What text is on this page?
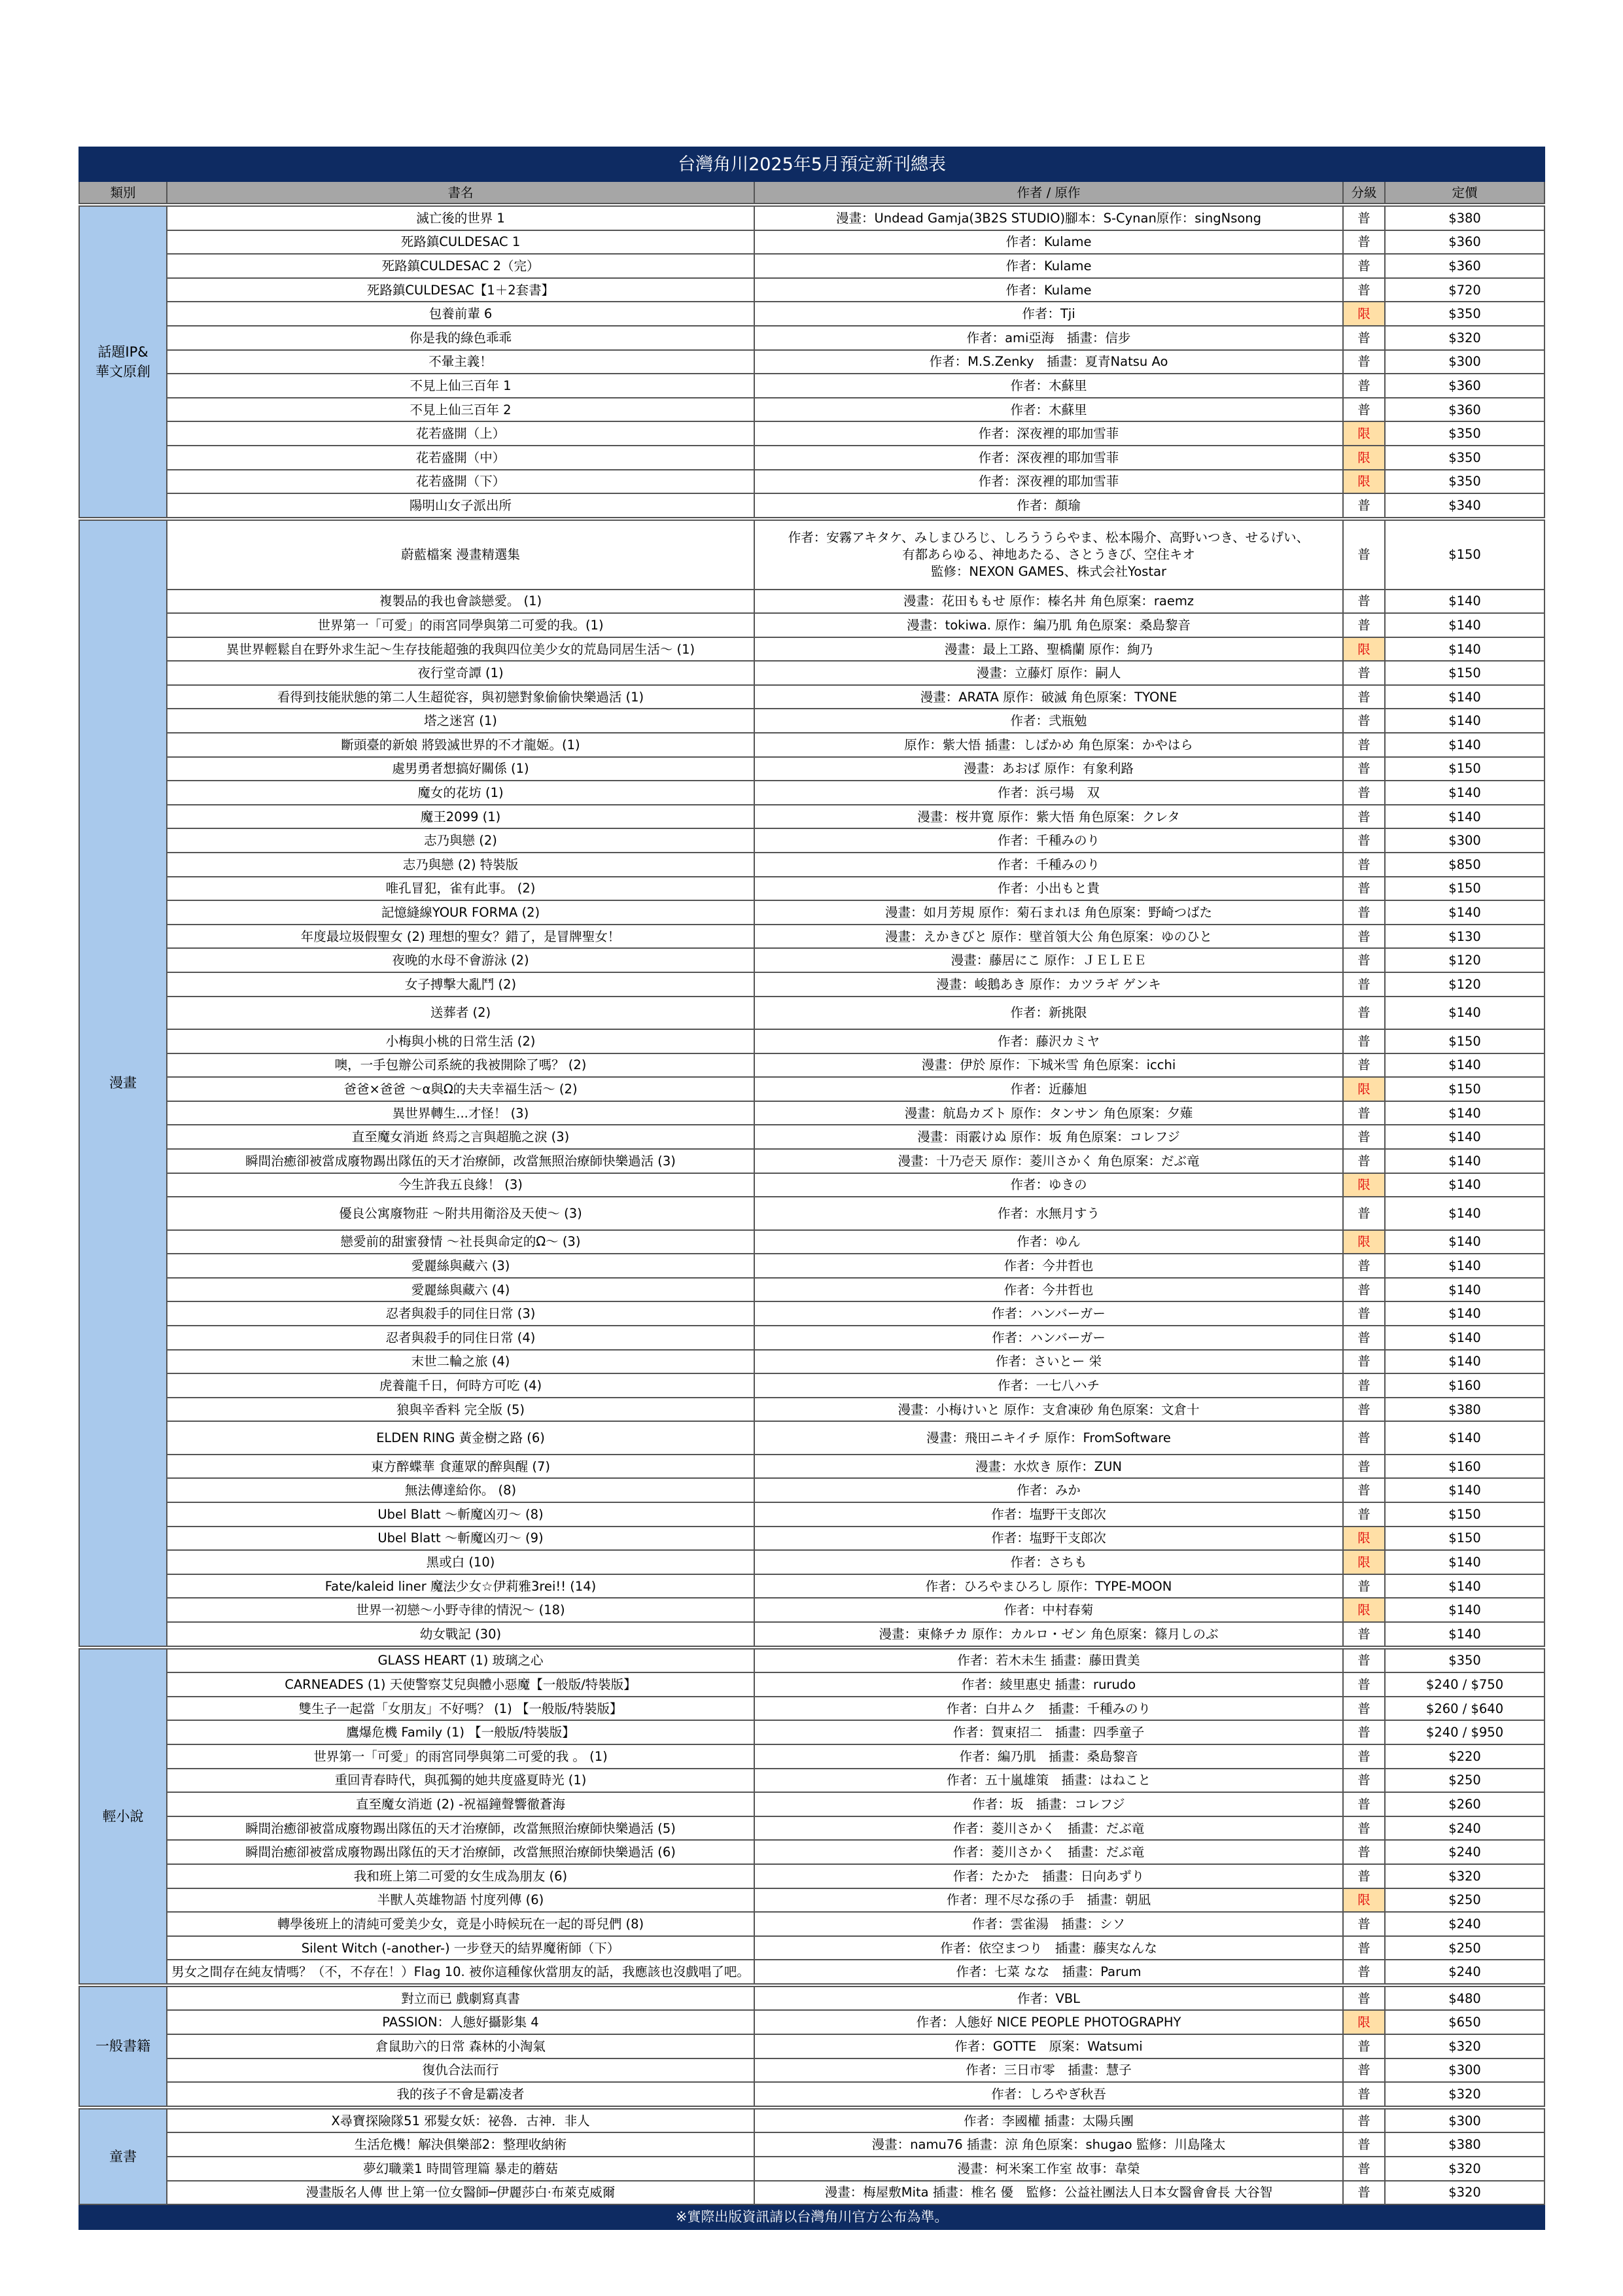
台灣角川2025年5月預定新刊總表				
類別	書名	作者 / 原作	分級	定價
話題IP&
華文原創	滅亡後的世界 1	漫畫：Undead Gamja(3B2S STUDIO)腳本：S-Cynan原作：singNsong	普	$380
	死路鎮CULDESAC 1	作者：Kulame	普	$360
	死路鎮CULDESAC 2（完）	作者：Kulame	普	$360
	死路鎮CULDESAC【1＋2套書】	作者：Kulame	普	$720
	包養前輩 6	作者：Tji	限	$350
	你是我的綠色乖乖	作者：ami亞海　插畫：信步	普	$320
	不暈主義！	作者：M.S.Zenky　插畫：夏青Natsu Ao	普	$300
	不見上仙三百年 1	作者：木蘇里	普	$360
	不見上仙三百年 2	作者：木蘇里	普	$360
	花若盛開（上）	作者：深夜裡的耶加雪菲	限	$350
	花若盛開（中）	作者：深夜裡的耶加雪菲	限	$350
	花若盛開（下）	作者：深夜裡的耶加雪菲	限	$350
	陽明山女子派出所	作者：顏瑜	普	$340
漫畫	蔚藍檔案 漫畫精選集	作者：安霧アキタケ、みしまひろじ、しろううらやま、松本陽介、高野いつき、せるげい、
有都あらゆる、神地あたる、さとうきび、空住キオ
監修：NEXON GAMES、株式会社Yostar	普	$150
	複製品的我也會談戀愛。 (1)	漫畫：花田ももせ 原作：榛名丼 角色原案：raemz	普	$140
	世界第一「可愛」的雨宮同學與第二可愛的我。(1)	漫畫：tokiwa. 原作：編乃肌 角色原案：桑島黎音	普	$140
	異世界輕鬆自在野外求生記～生存技能超強的我與四位美少女的荒島同居生活～ (1)	漫畫：最上工路、聖橋蘭 原作：絢乃	限	$140
	夜行堂奇譚 (1)	漫畫：立藤灯 原作：嗣人	普	$150
	看得到技能狀態的第二人生超從容，與初戀對象偷偷快樂過活 (1)	漫畫：ARATA 原作：破滅 角色原案：TYONE	普	$140
	塔之迷宮 (1)	作者：弐瓶勉	普	$140
	斷頭臺的新娘 將毀滅世界的不才龍姬。(1)	原作：紫大悟 插畫：しばかめ 角色原案：かやはら	普	$140
	處男勇者想搞好關係 (1)	漫畫：あおば 原作：有象利路	普	$150
	魔女的花坊 (1)	作者：浜弓場　双	普	$140
	魔王2099 (1)	漫畫：桜井寛 原作：紫大悟 角色原案：クレタ	普	$140
	志乃與戀 (2)	作者：千種みのり	普	$300
	志乃與戀 (2) 特裝版	作者：千種みのり	普	$850
	唯孔冒犯，雀有此事。 (2)	作者：小出もと貴	普	$150
	記憶縫線YOUR FORMA (2)	漫畫：如月芳規 原作：菊石まれほ 角色原案：野崎つばた	普	$140
	年度最垃圾假聖女 (2) 理想的聖女？錯了，是冒牌聖女！	漫畫：えかきびと 原作：壁首領大公 角色原案：ゆのひと	普	$130
	夜晚的水母不會游泳 (2)	漫畫：藤居にこ 原作：ＪＥＬＥＥ	普	$120
	女子搏擊大亂鬥 (2)	漫畫：峻鵝あき 原作：カツラギ ゲンキ	普	$120
	送葬者 (2)	作者：新挑限	普	$140
	小梅與小桃的日常生活 (2)	作者：藤沢カミヤ	普	$150
	噢，一手包辦公司系統的我被開除了嗎？ (2)	漫畫：伊於 原作：下城米雪 角色原案：icchi	普	$140
	爸爸×爸爸 ～α與Ω的夫夫幸福生活～ (2)	作者：近藤旭	限	$150
	異世界轉生...才怪！ (3)	漫畫：航島カズト 原作：タンサン 角色原案：夕薙	普	$140
	直至魔女消逝 終焉之言與超脆之淚 (3)	漫畫：雨霰けぬ 原作：坂 角色原案：コレフジ	普	$140
	瞬間治癒卻被當成廢物踢出隊伍的天才治療師，改當無照治療師快樂過活 (3)	漫畫：十乃壱天 原作：菱川さかく 角色原案：だぶ竜	普	$140
	今生許我五良緣！ (3)	作者：ゆきの	限	$140
	優良公寓廢物莊 ～附共用衛浴及天使～ (3)	作者：水無月すう	普	$140
	戀愛前的甜蜜發情 ～社長與命定的Ω～ (3)	作者：ゆん	限	$140
	愛麗絲與藏六 (3)	作者：今井哲也	普	$140
	愛麗絲與藏六 (4)	作者：今井哲也	普	$140
	忍者與殺手的同住日常 (3)	作者：ハンバーガー	普	$140
	忍者與殺手的同住日常 (4)	作者：ハンバーガー	普	$140
	末世二輪之旅 (4)	作者：さいとー 栄	普	$140
	虎養龍千日，何時方可吃 (4)	作者：一七八ハチ	普	$160
	狼與辛香料 完全版 (5)	漫畫：小梅けいと 原作：支倉凍砂 角色原案：文倉十	普	$380
	ELDEN RING 黃金樹之路 (6)	漫畫：飛田ニキイチ 原作：FromSoftware	普	$140
	東方醉蝶華 食蓮眾的醉與醒 (7)	漫畫：水炊き 原作：ZUN	普	$160
	無法傳達給你。 (8)	作者：みか	普	$140
	Ubel Blatt ～斬魔凶刃～ (8)	作者：塩野干支郎次	普	$150
	Ubel Blatt ～斬魔凶刃～ (9)	作者：塩野干支郎次	限	$150
	黑或白 (10)	作者：さちも	限	$140
	Fate/kaleid liner 魔法少女☆伊莉雅3rei!! (14)	作者：ひろやまひろし 原作：TYPE-MOON	普	$140
	世界一初戀～小野寺律的情況～ (18)	作者：中村春菊	限	$140
	幼女戰記 (30)	漫畫：東條チカ 原作：カルロ・ゼン 角色原案：篠月しのぶ	普	$140
輕小說	GLASS HEART (1) 玻璃之心	作者：若木未生 插畫：藤田貴美	普	$350
	CARNEADES (1) 天使警察艾兒與體小惡魔【一般版/特裝版】	作者：綾里惠史 插畫：rurudo	普	$240 / $750
	雙生子一起當「女朋友」不好嗎？ (1) 【一般版/特裝版】	作者：白井ムク　插畫：千種みのり	普	$260 / $640
	鷹爆危機 Family (1) 【一般版/特裝版】	作者：賀東招二　插畫：四季童子	普	$240 / $950
	世界第一「可愛」的雨宮同學與第二可愛的我 。 (1)	作者：編乃肌　插畫：桑島黎音	普	$220
	重回青春時代，與孤獨的她共度盛夏時光 (1)	作者：五十嵐雄策　插畫：はねこと	普	$250
	直至魔女消逝 (2) -祝福鐘聲響徹蒼海	作者：坂　插畫：コレフジ	普	$260
	瞬間治癒卻被當成廢物踢出隊伍的天才治療師，改當無照治療師快樂過活 (5)	作者：菱川さかく　插畫：だぶ竜	普	$240
	瞬間治癒卻被當成廢物踢出隊伍的天才治療師，改當無照治療師快樂過活 (6)	作者：菱川さかく　插畫：だぶ竜	普	$240
	我和班上第二可愛的女生成為朋友 (6)	作者：たかた　插畫：日向あずり	普	$320
	半獸人英雄物語 忖度列傳 (6)	作者：理不尽な孫の手　插畫：朝凪	限	$250
	轉學後班上的清純可愛美少女，竟是小時候玩在一起的哥兒們 (8)	作者：雲雀湯　插畫：シソ	普	$240
	Silent Witch (-another-) 一步登天的結界魔術師（下）	作者：依空まつり　插畫：藤実なんな	普	$250
	男女之間存在純友情嗎？（不，不存在！）Flag 10. 被你這種傢伙當朋友的話，我應該也沒戲唱了吧。	作者：七菜 なな　插畫：Parum	普	$240
一般書籍	對立而已 戲劇寫真書	作者：VBL	普	$480
	PASSION：人態好攝影集 4	作者：人態好 NICE PEOPLE PHOTOGRAPHY	限	$650
	倉鼠助六的日常 森林的小淘氣	作者：GOTTE　原案：Watsumi	普	$320
	復仇合法而行	作者：三日市零　插畫：慧子	普	$300
	我的孩子不會是霸凌者	作者：しろやぎ秋吾	普	$320
童書	X尋寶探險隊51 邪髮女妖：祕魯．古神．非人	作者：李國權 插畫：太陽兵團	普	$300
	生活危機！解決俱樂部2：整理收納術	漫畫：namu76 插畫：涼 角色原案：shugao 監修：川島隆太	普	$380
	夢幻職業1 時間管理篇 暴走的蘑菇	漫畫：柯米案工作室 故事：韋榮	普	$320
	漫畫版名人傳 世上第一位女醫師─伊麗莎白·布萊克威爾	漫畫：梅屋敷Mita 插畫：椎名 優　監修：公益社團法人日本女醫會會長 大谷智	普	$320
※實際出版資訊請以台灣角川官方公布為準。				
